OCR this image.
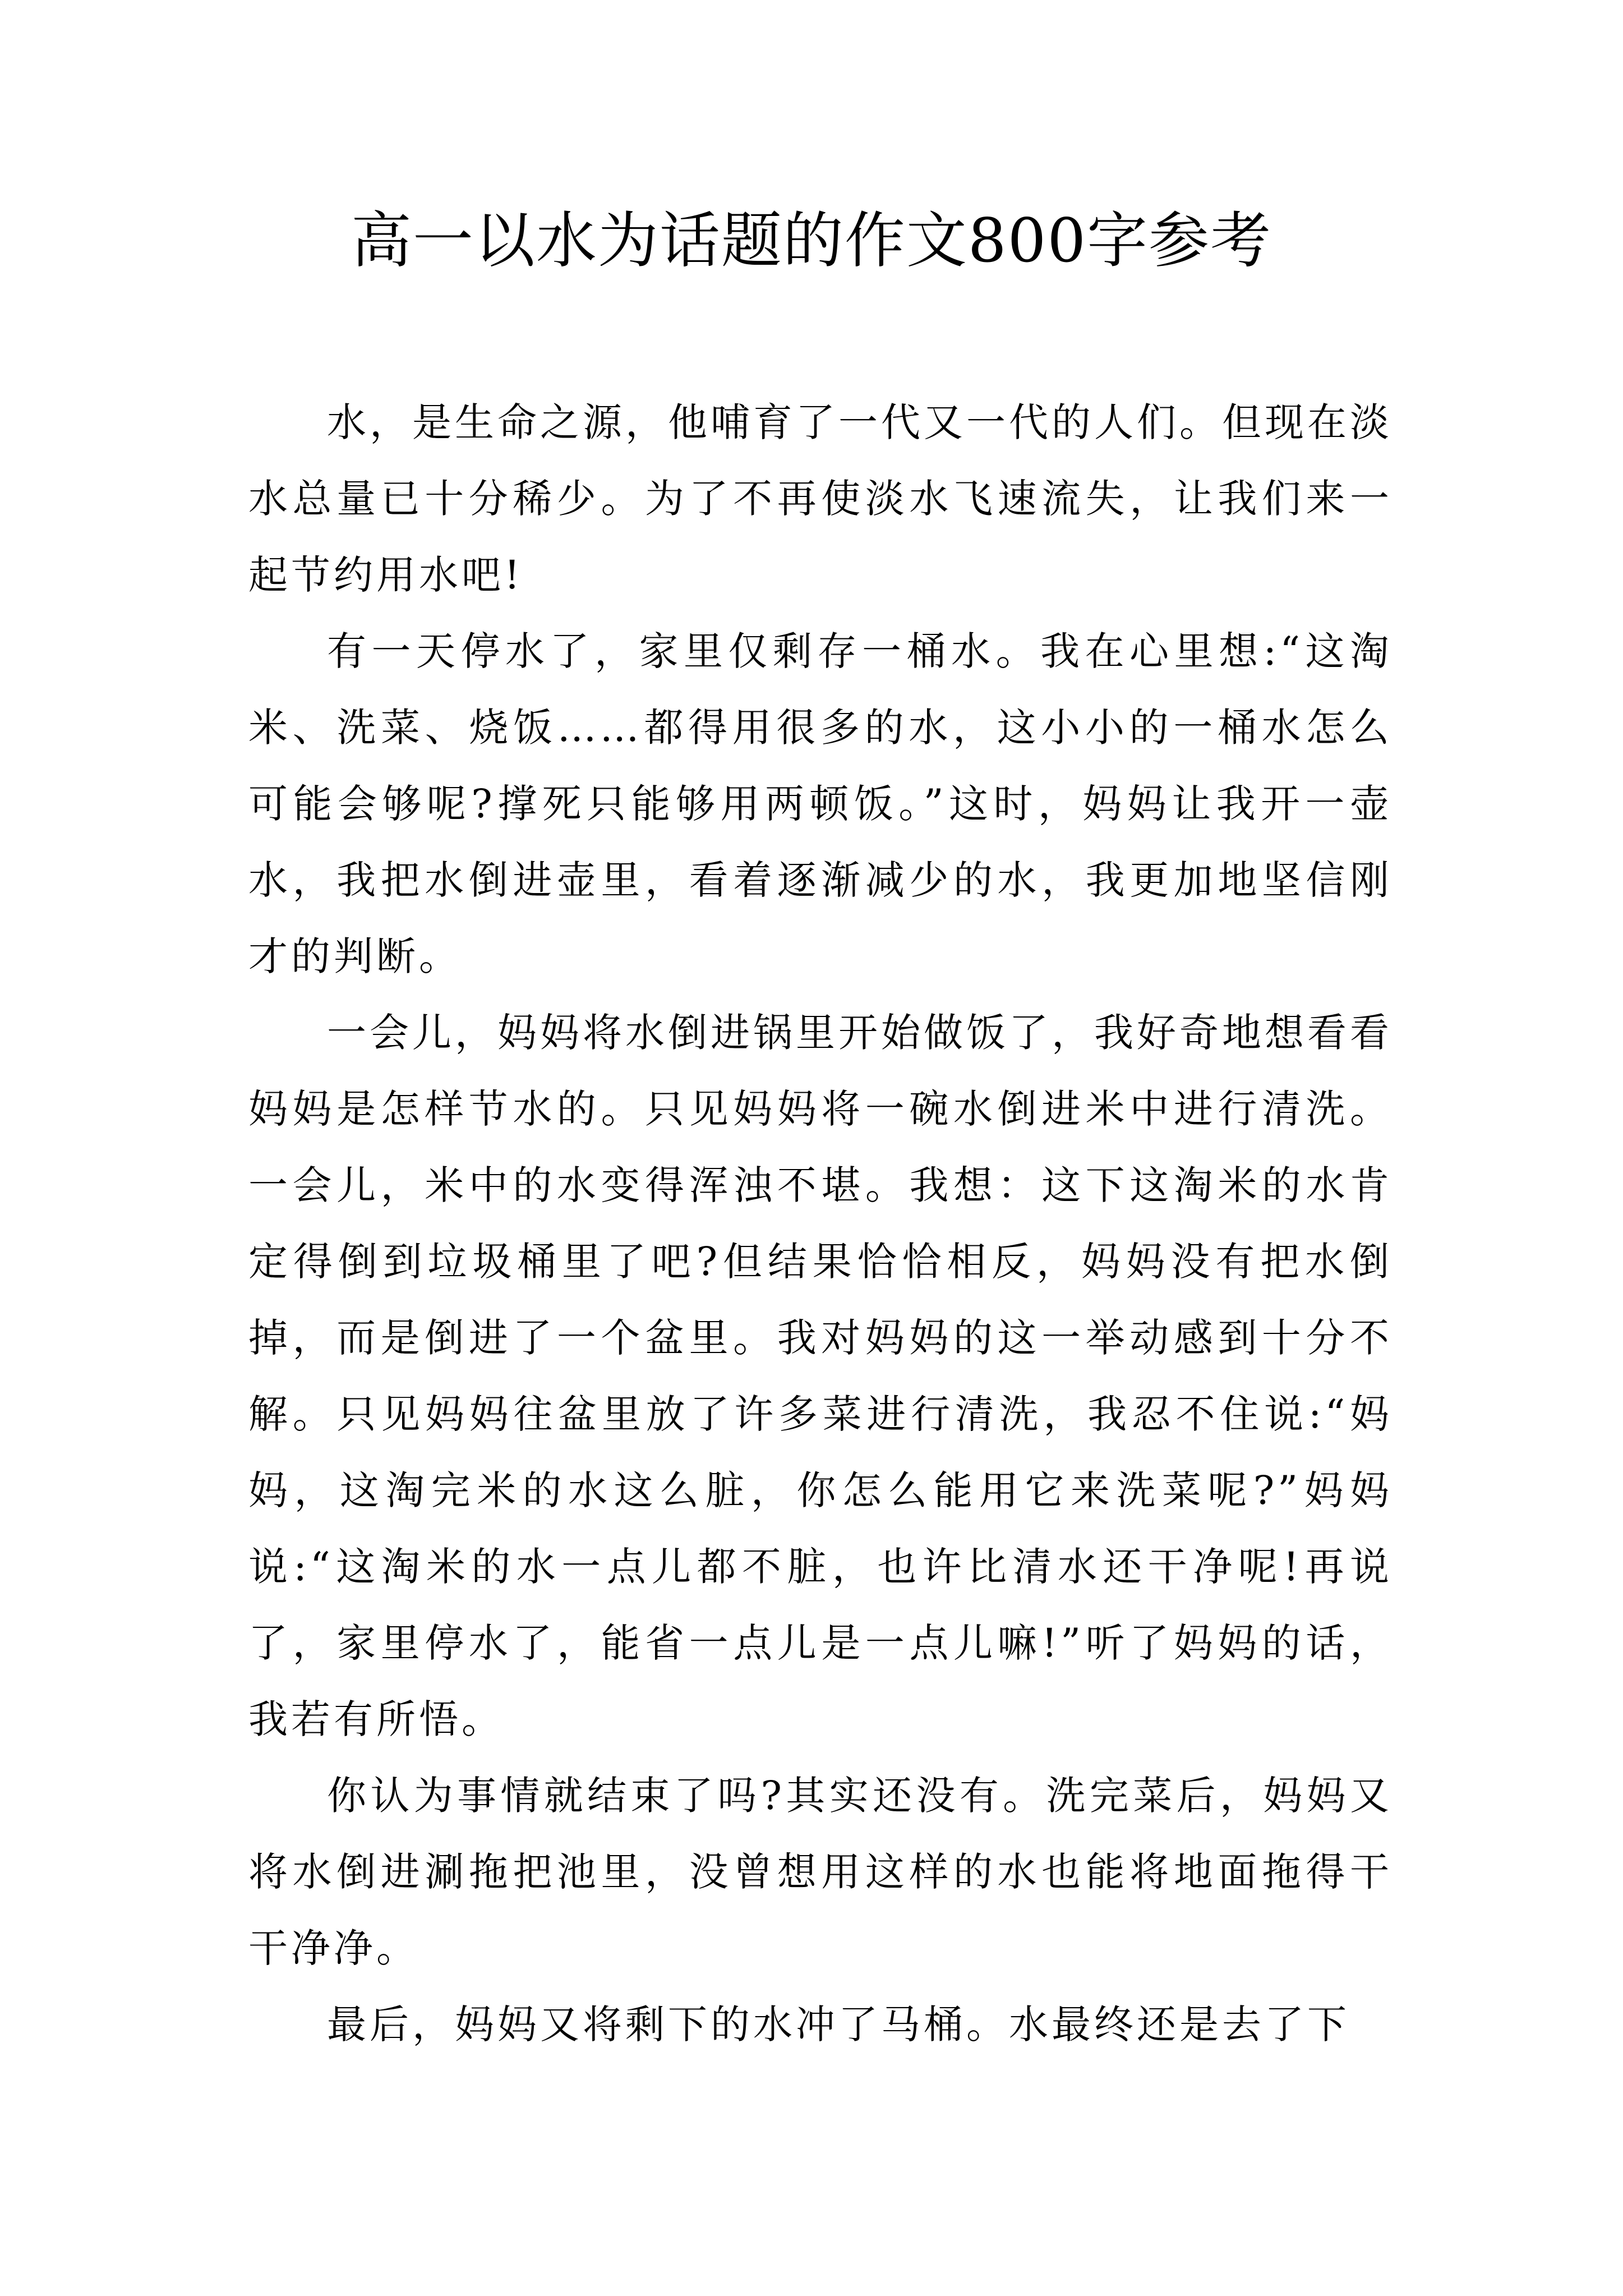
高一以水为话题的作文800字参考

水，是生命之源，他哺育了一代又一代的人们。但现在淡水总量已十分稀少。为了不再使淡水飞速流失，让我们来一起节约用水吧!

有一天停水了，家里仅剩存一桶水。我在心里想:“这淘米、洗菜、烧饭……都得用很多的水，这小小的一桶水怎么可能会够呢?撑死只能够用两顿饭。”这时，妈妈让我开一壶水，我把水倒进壶里，看着逐渐减少的水，我更加地坚信刚才的判断。

一会儿，妈妈将水倒进锅里开始做饭了，我好奇地想看看妈妈是怎样节水的。只见妈妈将一碗水倒进米中进行清洗。一会儿，米中的水变得浑浊不堪。我想：这下这淘米的水肯定得倒到垃圾桶里了吧?但结果恰恰相反，妈妈没有把水倒掉，而是倒进了一个盆里。我对妈妈的这一举动感到十分不解。只见妈妈往盆里放了许多菜进行清洗，我忍不住说:“妈妈，这淘完米的水这么脏，你怎么能用它来洗菜呢?”妈妈说:“这淘米的水一点儿都不脏，也许比清水还干净呢!再说了，家里停水了，能省一点儿是一点儿嘛!”听了妈妈的话，我若有所悟。

你认为事情就结束了吗?其实还没有。洗完菜后，妈妈又将水倒进涮拖把池里，没曾想用这样的水也能将地面拖得干干净净。

最后，妈妈又将剩下的水冲了马桶。水最终还是去了下
